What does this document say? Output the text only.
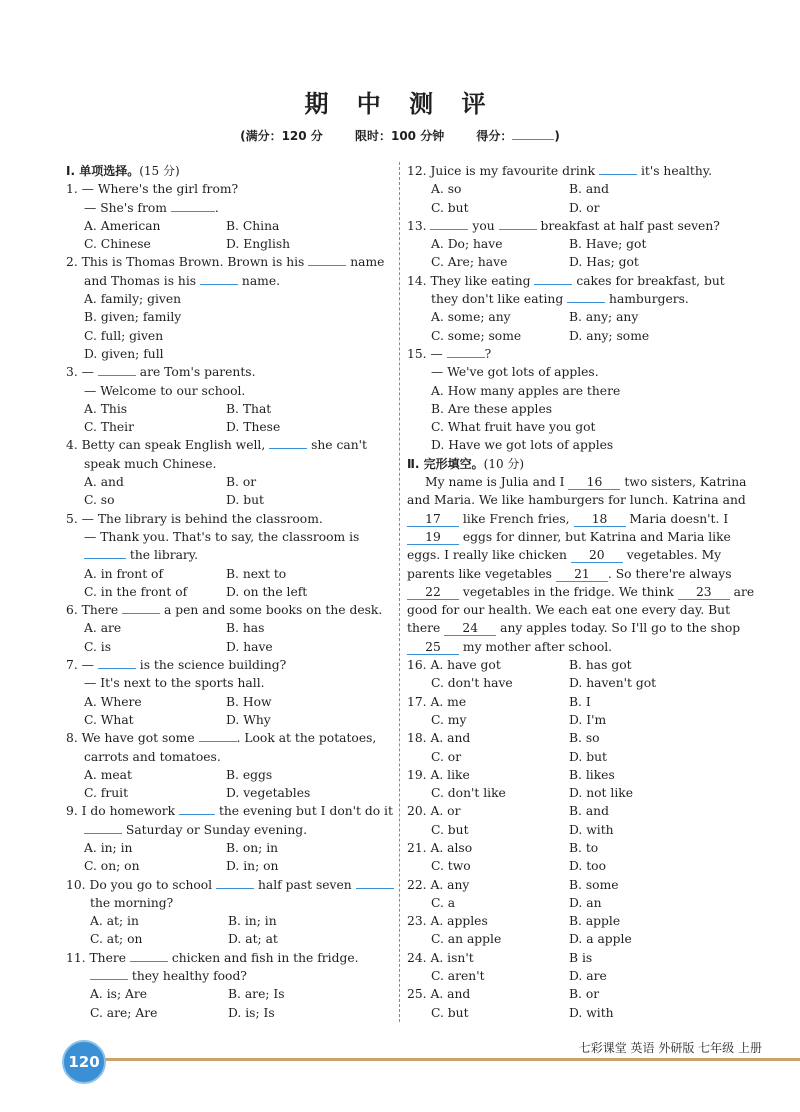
期 中 测 评
(满分：120 分	限时：100 分钟	得分：	)
Ⅰ. 单项选择。(15 分)
1. — Where's the girl from?
— She's from	.
A. American	B. China
C. Chinese	D. English
2. This is Thomas Brown. Brown is his	name
and Thomas is his	name.
A. family; given
B. given; family
C. full; given
D. given; full
3. —	are Tom's parents.
— Welcome to our school.
A. This	B. That
C. Their	D. These
4. Betty can speak English well,	she can't
speak much Chinese.
A. and	B. or
C. so	D. but
5. — The library is behind the classroom.
— Thank you. That's to say, the classroom is
the library.
A. in front of	B. next to
C. in the front of	D. on the left
6. There	a pen and some books on the desk.
A. are	B. has
C. is	D. have
7. —	is the science building?
— It's next to the sports hall.
A. Where	B. How
C. What	D. Why
8. We have got some	. Look at the potatoes,
carrots and tomatoes.
A. meat	B. eggs
C. fruit	D. vegetables
9. I do homework	the evening but I don't do it
Saturday or Sunday evening.
A. in; in	B. on; in
C. on; on	D. in; on
10. Do you go to school	half past seven
the morning?
A. at; in	B. in; in
C. at; on	D. at; at
11. There	chicken and fish in the fridge.
they healthy food?
A. is; Are	B. are; Is
C. are; Are	D. is; Is
12. Juice is my favourite drink	it's healthy.
A. so	B. and
C. but	D. or
13.	you	breakfast at half past seven?
A. Do; have	B. Have; got
C. Are; have	D. Has; got
14. They like eating	cakes for breakfast, but
they don't like eating	hamburgers.
A. some; any	B. any; any
C. some; some	D. any; some
15. —	?
— We've got lots of apples.
A. How many apples are there
B. Are these apples
C. What fruit have you got
D. Have we got lots of apples
Ⅱ. 完形填空。(10 分)
My name is Julia and I 16 two sisters, Katrina
and Maria. We like hamburgers for lunch. Katrina and
17 like French fries, 18 Maria doesn't. I
19 eggs for dinner, but Katrina and Maria like
eggs. I really like chicken 20 vegetables. My
parents like vegetables 21 . So there're always
22 vegetables in the fridge. We think 23 are
good for our health. We each eat one every day. But
there 24 any apples today. So I'll go to the shop
25 my mother after school.
16. A. have got	B. has got
C. don't have	D. haven't got
17. A. me	B. I
C. my	D. I'm
18. A. and	B. so
C. or	D. but
19. A. like	B. likes
C. don't like	D. not like
20. A. or	B. and
C. but	D. with
21. A. also	B. to
C. two	D. too
22. A. any	B. some
C. a	D. an
23. A. apples	B. apple
C. an apple	D. a apple
24. A. isn't	B is
C. aren't	D. are
25. A. and	B. or
C. but	D. with
120
七彩课堂 英语 外研版 七年级 上册
